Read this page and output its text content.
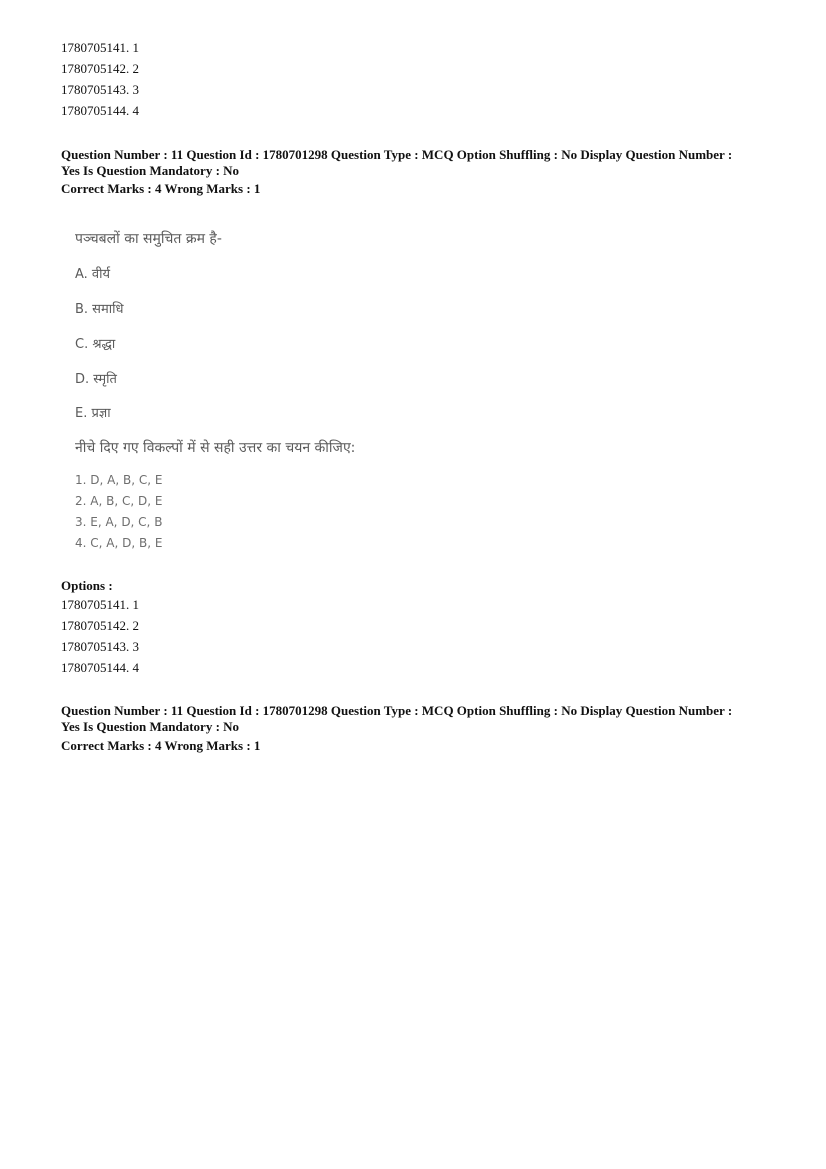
1780705141. 1
1780705142. 2
1780705143. 3
1780705144. 4
Question Number : 11 Question Id : 1780701298 Question Type : MCQ Option Shuffling : No Display Question Number :
Yes Is Question Mandatory : No
Correct Marks : 4 Wrong Marks : 1
पञ्चबलों का समुचित क्रम है-
A. वीर्य
B. समाधि
C. श्रद्धा
D. स्मृति
E. प्रज्ञा
नीचे दिए गए विकल्पों में से सही उत्तर का चयन कीजिए:
1. D, A, B, C, E
2. A, B, C, D, E
3. E, A, D, C, B
4. C, A, D, B, E
Options :
1780705141. 1
1780705142. 2
1780705143. 3
1780705144. 4
Question Number : 11 Question Id : 1780701298 Question Type : MCQ Option Shuffling : No Display Question Number :
Yes Is Question Mandatory : No
Correct Marks : 4 Wrong Marks : 1
